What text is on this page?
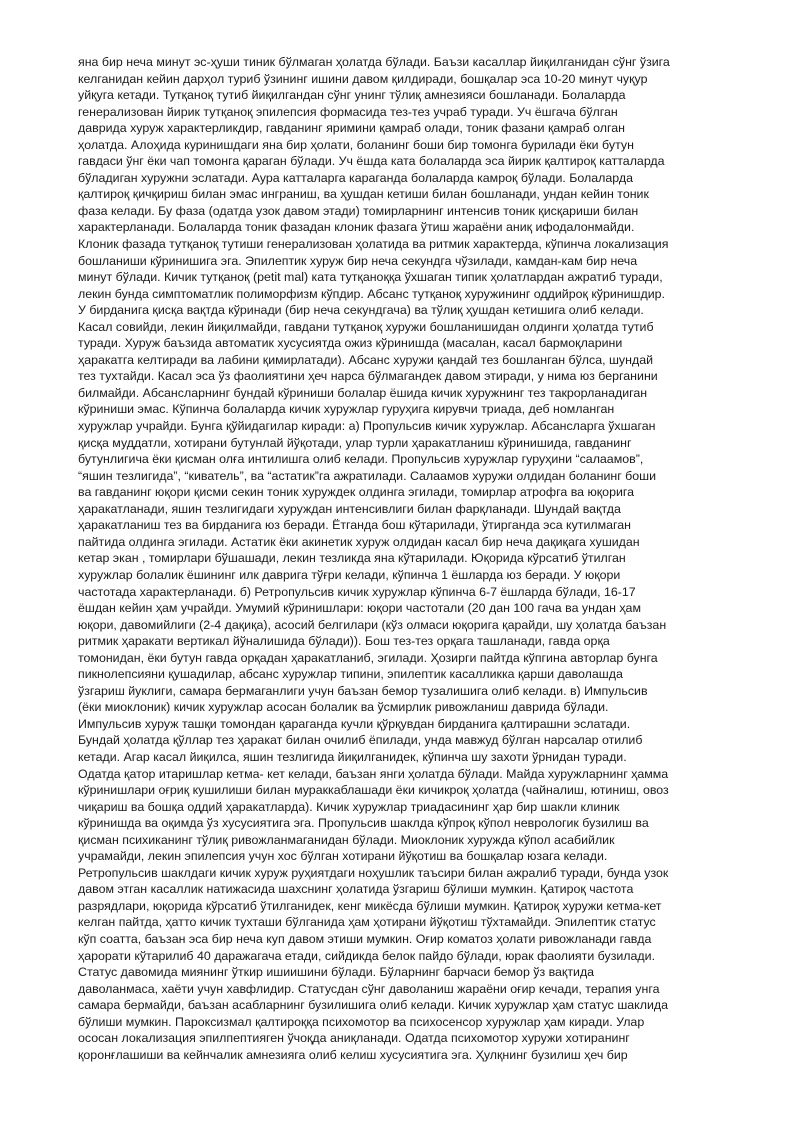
яна бир неча минут эс-ҳуши тиник бўлмаган ҳолатда бўлади. Баъзи касаллар йиқилганидан сўнг ўзига
келганидан кейин дарҳол туриб ўзининг ишини давом қилдиради, бошқалар эса 10-20 минут чуқур
уйқуга кетади. Тутқаноқ тутиб йиқилгандан сўнг унинг тўлиқ амнезияси бошланади. Болаларда
генерализован йирик тутқаноқ эпилепсия формасида тез-тез учраб туради. Уч ёшгача бўлган
даврида хуруж характерликдир, гавданинг яримини қамраб олади, тоник фазани қамраб олган
ҳолатда. Алоҳида куринишдаги яна бир ҳолати, боланинг боши бир томонга бурилади ёки бутун
гавдаси ўнг ёки чап томонга қараган бўлади. Уч ёшда ката болаларда эса йирик қалтироқ катталарда
бўладиган хуружни эслатади. Аура катталарга караганда болаларда камроқ бўлади. Болаларда
қалтироқ қичқириш билан эмас инграниш, ва ҳушдан кетиши билан бошланади, ундан кейин тоник
фаза келади. Бу фаза (одатда узок давом этади) томирларнинг интенсив тоник қисқариши билан
характерланади. Болаларда тоник фазадан клоник фазага ўтиш жараёни аниқ ифодалонмайди.
Клоник фазада тутқаноқ тутиши генерализован ҳолатида ва ритмик характерда, кўпинча локализация
бошланиши кўринишига эга. Эпилептик хуруж бир неча секундга чўзилади, камдан-кам бир неча
минут бўлади. Кичик тутқаноқ (petit mal) ката тутқаноққа ўхшаган типик ҳолатлардан ажратиб туради,
лекин бунда симптоматлик полиморфизм кўпдир. Абсанс тутқаноқ хуружининг оддийроқ кўринишдир.
У бирданига қисқа вақтда кўринади (бир неча секундгача) ва тўлиқ ҳушдан кетишига олиб келади.
Касал совийди, лекин йиқилмайди, гавдани тутқаноқ хуружи бошланишидан олдинги ҳолатда тутиб
туради. Хуруж баъзида автоматик хусусиятда ожиз кўринишда (масалан, касал бармоқларини
ҳаракатга келтиради ва лабини қимирлатади). Абсанс хуружи қандай тез бошланган бўлса, шундай
тез тухтайди. Касал эса ўз фаолиятини ҳеч нарса бўлмагандек давом этиради, у нима юз берганини
билмайди. Абсансларнинг бундай кўриниши болалар ёшида кичик хуружнинг тез такрорланадиган
кўриниши эмас. Кўпинча болаларда кичик хуружлар гуруҳига кирувчи триада, деб номланган
хуружлар учрайди. Бунга қўйидагилар киради: а) Пропульсив кичик хуружлар. Абсансларга ўхшаган
қисқа муддатли, хотирани бутунлай йўқотади, улар турли ҳаракатланиш кўринишида, гавданинг
бутунлигича ёки қисман олға интилишга олиб келади. Пропульсив хуружлар гуруҳини “салаамов”,
“яшин тезлигида”, “киватель”, ва “астатик”га ажратилади. Салаамов хуружи олдидан боланинг боши
ва гавданинг юқори қисми секин тоник хуруждек олдинга эгилади, томирлар атрофга ва юқорига
ҳаракатланади, яшин тезлигидаги хуруждан интенсивлиги билан фарқланади. Шундай вақтда
ҳаракатланиш тез ва бирданига юз беради. Ётганда бош кўтарилади, ўтирганда эса кутилмаган
пайтида олдинга эгилади. Астатик ёки акинетик хуруж олдидан касал бир неча дақиқага хушидан
кетар экан , томирлари бўшашади, лекин тезликда яна кўтарилади. Юқорида кўрсатиб ўтилган
хуружлар болалик ёшининг илк даврига тўғри келади, кўпинча 1 ёшларда юз беради. У юқори
частотада характерланади. б) Ретропульсив кичик хуружлар кўпинча 6-7 ёшларда бўлади, 16-17
ёшдан кейин ҳам учрайди. Умумий кўринишлари: юқори частотали (20 дан 100 гача ва ундан ҳам
юқори, давомийлиги (2-4 дақиқа), асосий белгилари (кўз олмаси юқорига қарайди, шу ҳолатда баъзан
ритмик ҳаракати вертикал йўналишида бўлади)). Бош тез-тез орқага ташланади, гавда орқа
томонидан, ёки бутун гавда орқадан ҳаракатланиб, эгилади. Ҳозирги пайтда кўпгина авторлар бунга
пикнолепсияни қушадилар, абсанс хуружлар типини, эпилептик касалликка қарши даволашда
ўзгариш йуклиги, самара бермаганлиги учун баъзан бемор тузалишига олиб келади. в) Импульсив
(ёки миоклоник) кичик хуружлар асосан болалик ва ўсмирлик ривожланиш даврида бўлади.
Импульсив хуруж ташқи томондан қараганда кучли қўрқувдан бирданига қалтирашни эслатади.
Бундай ҳолатда қўллар тез ҳаракат билан очилиб ёпилади, унда мавжуд бўлган нарсалар отилиб
кетади. Агар касал йиқилса, яшин тезлигида йиқилганидек, кўпинча шу захоти ўрнидан туради.
Одатда қатор итаришлар кетма- кет келади, баъзан янги ҳолатда бўлади. Майда хуружларнинг ҳамма
кўринишлари оғриқ кушилиши билан мураккаблашади ёки кичикроқ ҳолатда (чайналиш, ютиниш, овоз
чиқариш ва бошқа оддий ҳаракатларда). Кичик хуружлар триадасининг ҳар бир шакли клиник
кўринишда ва оқимда ўз хусусиятига эга. Пропульсив шаклда кўпроқ кўпол неврологик бузилиш ва
қисман психиканинг тўлиқ ривожланмаганидан бўлади. Миоклоник хуружда кўпол асабийлик
учрамайди, лекин эпилепсия учун хос бўлган хотирани йўқотиш ва бошқалар юзага келади.
Ретропульсив шаклдаги кичик хуруж руҳиятдаги ноҳушлик таъсири билан ажралиб туради, бунда узок
давом этган касаллик натижасида шахснинг ҳолатида ўзгариш бўлиши мумкин. Қатироқ частота
разрядлари, юқорида кўрсатиб ўтилганидек, кенг микёсда бўлиши мумкин. Қатироқ хуружи кетма-кет
келган пайтда, ҳатто кичик тухташи бўлганида ҳам ҳотирани йўқотиш тўхтамайди. Эпилептик статус
кўп соатта, баъзан эса бир неча куп давом этиши мумкин. Оғир коматоз ҳолати ривожланади гавда
ҳарорати кўтарилиб 40 даражагача етади, сийдикда белок пайдо бўлади, юрак фаолияти бузилади.
Статус давомида миянинг ўткир ишиишини бўлади. Бўларнинг барчаси бемор ўз вақтида
даволанмаса, хаёти учун хавфлидир. Статусдан сўнг даволаниш жараёни оғир кечади, терапия унга
самара бермайди, баъзан асабларнинг бузилишига олиб келади. Кичик хуружлар ҳам статус шаклида
бўлиши мумкин. Пароксизмал қалтироққа психомотор ва психосенсор хуружлар ҳам киради. Улар
ососан локализация эпилпептияген ўчоқда аниқланади. Одатда психомотор хуружи хотиранинг
қоронғлашиши ва кейнчалик амнезияга олиб келиш хусусиятига эга. Ҳулқнинг бузилиш ҳеч бир
